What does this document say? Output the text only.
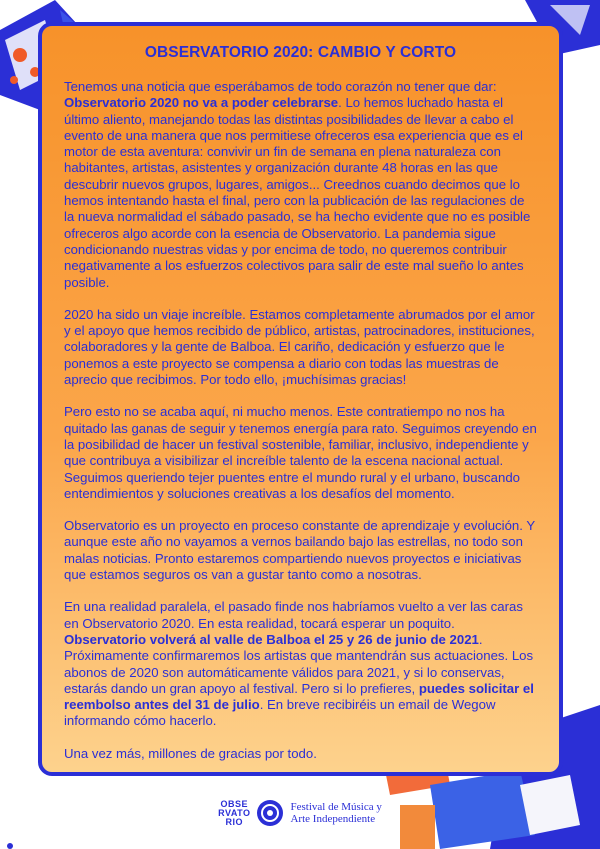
OBSERVATORIO 2020: CAMBIO Y CORTO

Tenemos una noticia que esperábamos de todo corazón no tener que dar: Observatorio 2020 no va a poder celebrarse. Lo hemos luchado hasta el último aliento, manejando todas las distintas posibilidades de llevar a cabo el evento de una manera que nos permitiese ofreceros esa experiencia que es el motor de esta aventura: convivir un fin de semana en plena naturaleza con habitantes, artistas, asistentes y organización durante 48 horas en las que descubrir nuevos grupos, lugares, amigos... Creednos cuando decimos que lo hemos intentando hasta el final, pero con la publicación de las regulaciones de la nueva normalidad el sábado pasado, se ha hecho evidente que no es posible ofreceros algo acorde con la esencia de Observatorio. La pandemia sigue condicionando nuestras vidas y por encima de todo, no queremos contribuir negativamente a los esfuerzos colectivos para salir de este mal sueño lo antes posible.

2020 ha sido un viaje increíble. Estamos completamente abrumados por el amor y el apoyo que hemos recibido de público, artistas, patrocinadores, instituciones, colaboradores y la gente de Balboa. El cariño, dedicación y esfuerzo que le ponemos a este proyecto se compensa a diario con todas las muestras de aprecio que recibimos. Por todo ello, ¡muchísimas gracias!

Pero esto no se acaba aquí, ni mucho menos. Este contratiempo no nos ha quitado las ganas de seguir y tenemos energía para rato. Seguimos creyendo en la posibilidad de hacer un festival sostenible, familiar, inclusivo, independiente y que contribuya a visibilizar el increíble talento de la escena nacional actual. Seguimos queriendo tejer puentes entre el mundo rural y el urbano, buscando entendimientos y soluciones creativas a los desafíos del momento.

Observatorio es un proyecto en proceso constante de aprendizaje y evolución. Y aunque este año no vayamos a vernos bailando bajo las estrellas, no todo son malas noticias. Pronto estaremos compartiendo nuevos proyectos e iniciativas que estamos seguros os van a gustar tanto como a nosotras.

En una realidad paralela, el pasado finde nos habríamos vuelto a ver las caras en Observatorio 2020. En esta realidad, tocará esperar un poquito. Observatorio volverá al valle de Balboa el 25 y 26 de junio de 2021. Próximamente confirmaremos los artistas que mantendrán sus actuaciones. Los abonos de 2020 son automáticamente válidos para 2021, y si lo conservas, estarás dando un gran apoyo al festival. Pero si lo prefieres, puedes solicitar el reembolso antes del 31 de julio. En breve recibiréis un email de Wegow informando cómo hacerlo.

Una vez más, millones de gracias por todo.

OBSE
RVATO
RIO
Festival de Música y
Arte Independiente
